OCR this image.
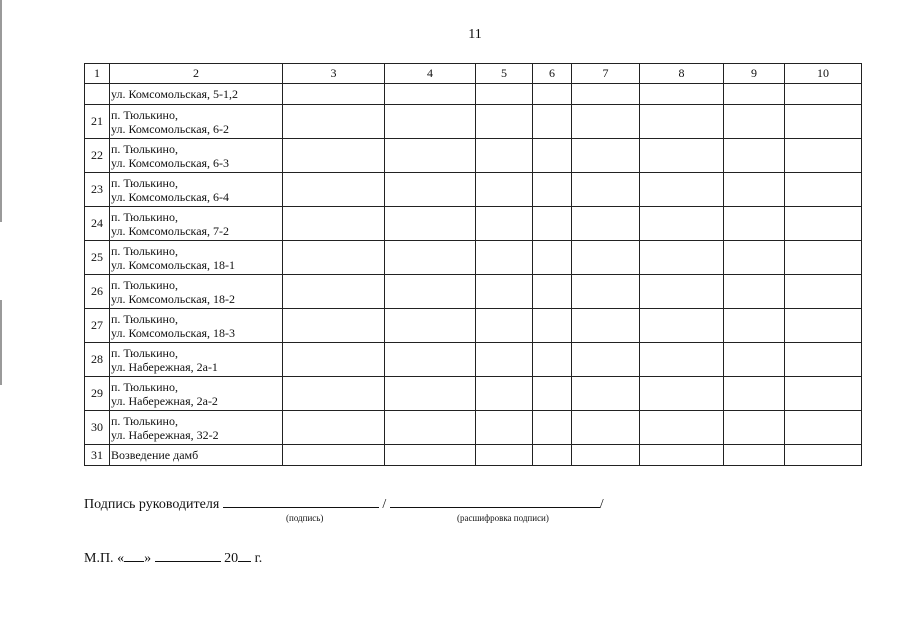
11
1	2	3	4	5	6	7	8	9	10

	ул. Комсомольская, 5-1,2								

21	п. Тюлькино,
ул. Комсомольская, 6-2								

22	п. Тюлькино,
ул. Комсомольская, 6-3								

23	п. Тюлькино,
ул. Комсомольская, 6-4								

24	п. Тюлькино,
ул. Комсомольская, 7-2								

25	п. Тюлькино,
ул. Комсомольская, 18-1								

26	п. Тюлькино,
ул. Комсомольская, 18-2								

27	п. Тюлькино,
ул. Комсомольская, 18-3								

28	п. Тюлькино,
ул. Набережная, 2а-1								

29	п. Тюлькино,
ул. Набережная, 2а-2								

30	п. Тюлькино,
ул. Набережная, 32-2								

31	Возведение дамб								

Подпись руководителя	/	/
(подпись)	(расшифровка подписи)
М.П. « »	20 г.
